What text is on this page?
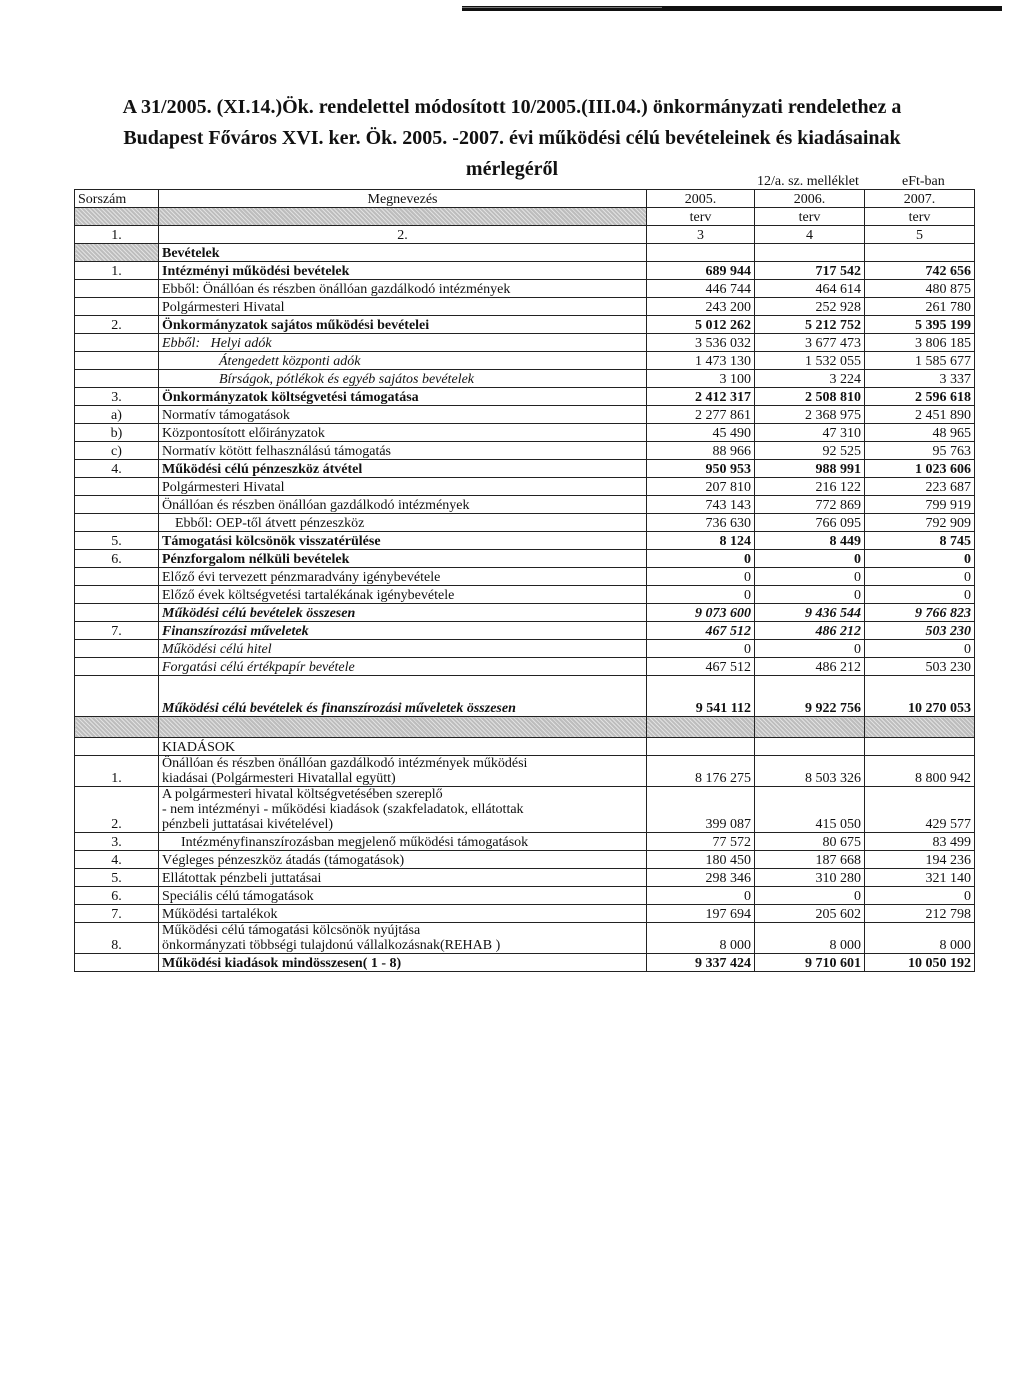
A 31/2005. (XI.14.)Ök. rendelettel módosított 10/2005.(III.04.) önkormányzati rendelethez a
Budapest Főváros XVI. ker. Ök. 2005. -2007. évi működési célú bevételeinek és kiadásainak
mérlegéről
12/a. sz. melléklet	eFt-ban
Sorszám	Megnevezés	2005.	2006.	2007.
		terv	terv	terv
1.	2.	3	4	5
	Bevételek			
1.	Intézményi működési bevételek	689 944	717 542	742 656
	Ebből: Önállóan és részben önállóan gazdálkodó intézmények	446 744	464 614	480 875
	Polgármesteri Hivatal	243 200	252 928	261 780
2.	Önkormányzatok sajátos működési bevételei	5 012 262	5 212 752	5 395 199
	Ebből:   Helyi adók	3 536 032	3 677 473	3 806 185
	Átengedett központi adók	1 473 130	1 532 055	1 585 677
	Bírságok, pótlékok és egyéb sajátos bevételek	3 100	3 224	3 337
3.	Önkormányzatok költségvetési támogatása	2 412 317	2 508 810	2 596 618
a)	Normatív támogatások	2 277 861	2 368 975	2 451 890
b)	Központosított előirányzatok	45 490	47 310	48 965
c)	Normatív kötött felhasználású támogatás	88 966	92 525	95 763
4.	Működési célú pénzeszköz átvétel	950 953	988 991	1 023 606
	Polgármesteri Hivatal	207 810	216 122	223 687
	Önállóan és részben önállóan gazdálkodó intézmények	743 143	772 869	799 919
	Ebből: OEP-től átvett pénzeszköz	736 630	766 095	792 909
5.	Támogatási kölcsönök visszatérülése	8 124	8 449	8 745
6.	Pénzforgalom nélküli bevételek	0	0	0
	Előző évi tervezett pénzmaradvány igénybevétele	0	0	0
	Előző évek költségvetési tartalékának igénybevétele	0	0	0
	Működési célú bevételek összesen	9 073 600	9 436 544	9 766 823
7.	Finanszírozási műveletek	467 512	486 212	503 230
	Működési célú hitel	0	0	0
	Forgatási célú értékpapír bevétele	467 512	486 212	503 230
	Működési célú bevételek és finanszírozási műveletek összesen	9 541 112	9 922 756	10 270 053

	KIADÁSOK			
1.	Önállóan és részben önállóan gazdálkodó intézmények működési
kiadásai (Polgármesteri Hivatallal együtt)	8 176 275	8 503 326	8 800 942
2.	A polgármesteri hivatal költségvetésében szereplő
- nem intézményi - működési kiadások (szakfeladatok, ellátottak
pénzbeli juttatásai kivételével)	399 087	415 050	429 577
3.	Intézményfinanszírozásban megjelenő működési támogatások	77 572	80 675	83 499
4.	Végleges pénzeszköz átadás (támogatások)	180 450	187 668	194 236
5.	Ellátottak pénzbeli juttatásai	298 346	310 280	321 140
6.	Speciális célú támogatások	0	0	0
7.	Működési tartalékok	197 694	205 602	212 798
8.	Működési célú támogatási kölcsönök nyújtása
önkormányzati többségi tulajdonú vállalkozásnak(REHAB )	8 000	8 000	8 000
	Működési kiadások mindösszesen( 1 - 8)	9 337 424	9 710 601	10 050 192
